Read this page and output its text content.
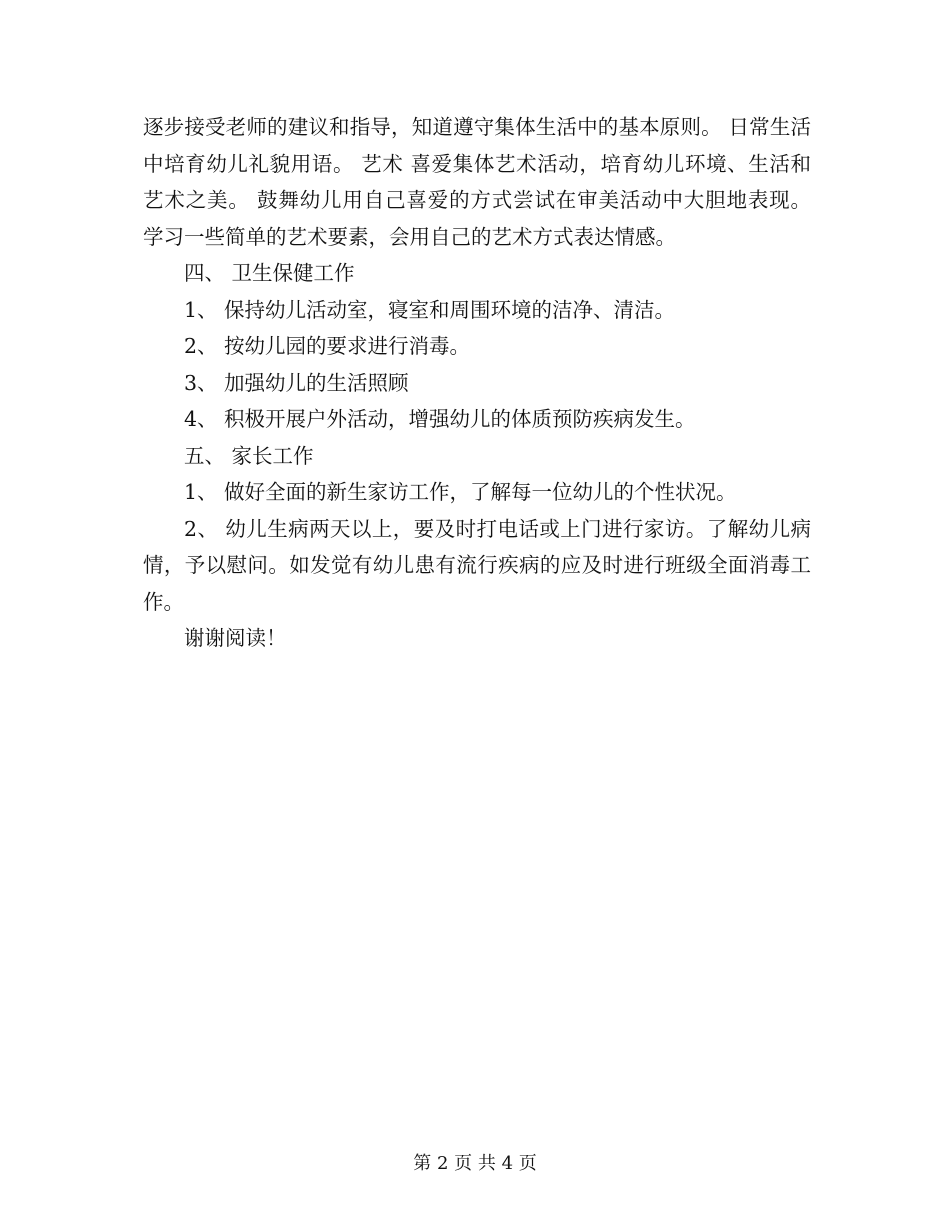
逐步接受老师的建议和指导，知道遵守集体生活中的基本原则。 日常生活中培育幼儿礼貌用语。 艺术 喜爱集体艺术活动，培育幼儿环境、生活和艺术之美。 鼓舞幼儿用自己喜爱的方式尝试在审美活动中大胆地表现。 学习一些简单的艺术要素，会用自己的艺术方式表达情感。

四、 卫生保健工作

1、 保持幼儿活动室，寝室和周围环境的洁净、清洁。

2、 按幼儿园的要求进行消毒。

3、 加强幼儿的生活照顾

4、 积极开展户外活动，增强幼儿的体质预防疾病发生。

五、 家长工作

1、 做好全面的新生家访工作，了解每一位幼儿的个性状况。

2、 幼儿生病两天以上，要及时打电话或上门进行家访。了解幼儿病情，予以慰问。如发觉有幼儿患有流行疾病的应及时进行班级全面消毒工作。

谢谢阅读！

第 2 页 共 4 页
